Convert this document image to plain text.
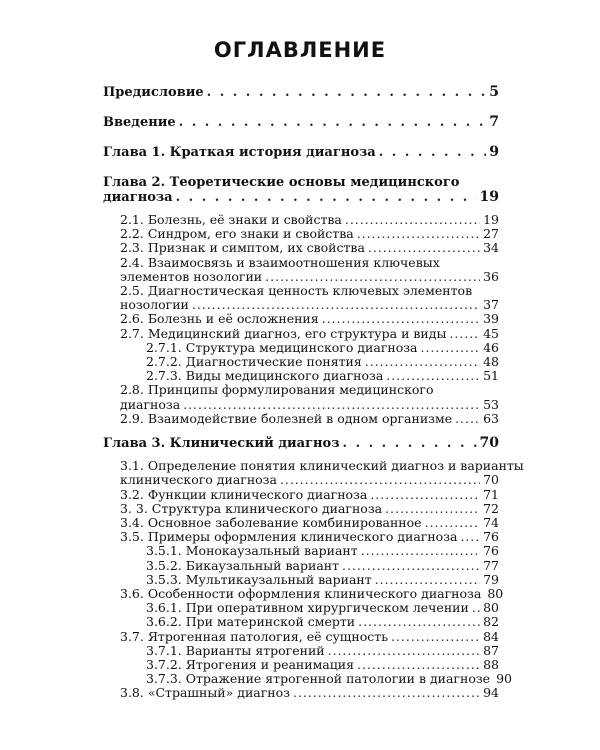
ОГЛАВЛЕНИЕ
Предисловие . . .	5
Введение . . .	7
Глава 1. Краткая история диагноза . . .	9
Глава 2. Теоретические основы медицинского
диагноза . . .	19
2.1. Болезнь, её знаки и свойства . . .	19
2.2. Синдром, его знаки и свойства . . .	27
2.3. Признак и симптом, их свойства . . .	34
2.4. Взаимосвязь и взаимоотношения ключевых
элементов нозологии . . .	36
2.5. Диагностическая ценность ключевых элементов
нозологии . . .	37
2.6. Болезнь и её осложнения . . .	39
2.7. Медицинский диагноз, его структура и виды . . .	45
2.7.1. Структура медицинского диагноза . . .	46
2.7.2. Диагностические понятия . . .	48
2.7.3. Виды медицинского диагноза . . .	51
2.8. Принципы формулирования медицинского
диагноза . . .	53
2.9. Взаимодействие болезней в одном организме . . . 63
Глава 3. Клинический диагноз . . .	70
3.1. Определение понятия клинический диагноз и варианты
клинического диагноза . . .	70
3.2. Функции клинического диагноза . . .	71
3. 3. Структура клинического диагноза . . .	72
3.4. Основное заболевание комбинированное . . .	74
3.5. Примеры оформления клинического диагноза . . . 76
3.5.1. Монокаузальный вариант . . .	76
3.5.2. Бикаузальный вариант . . .	77
3.5.3. Мультикаузальный вариант . . .	79
3.6. Особенности оформления клинического диагноза 80
3.6.1. При оперативном хирургическом лечении . . . 80
3.6.2. При материнской смерти . . .	82
3.7. Ятрогенная патология, её сущность . . .	84
3.7.1. Варианты ятрогений . . .	87
3.7.2. Ятрогения и реанимация . . .	88
3.7.3. Отражение ятрогенной патологии в диагнозе 90
3.8. «Страшный» диагноз . . .	94
